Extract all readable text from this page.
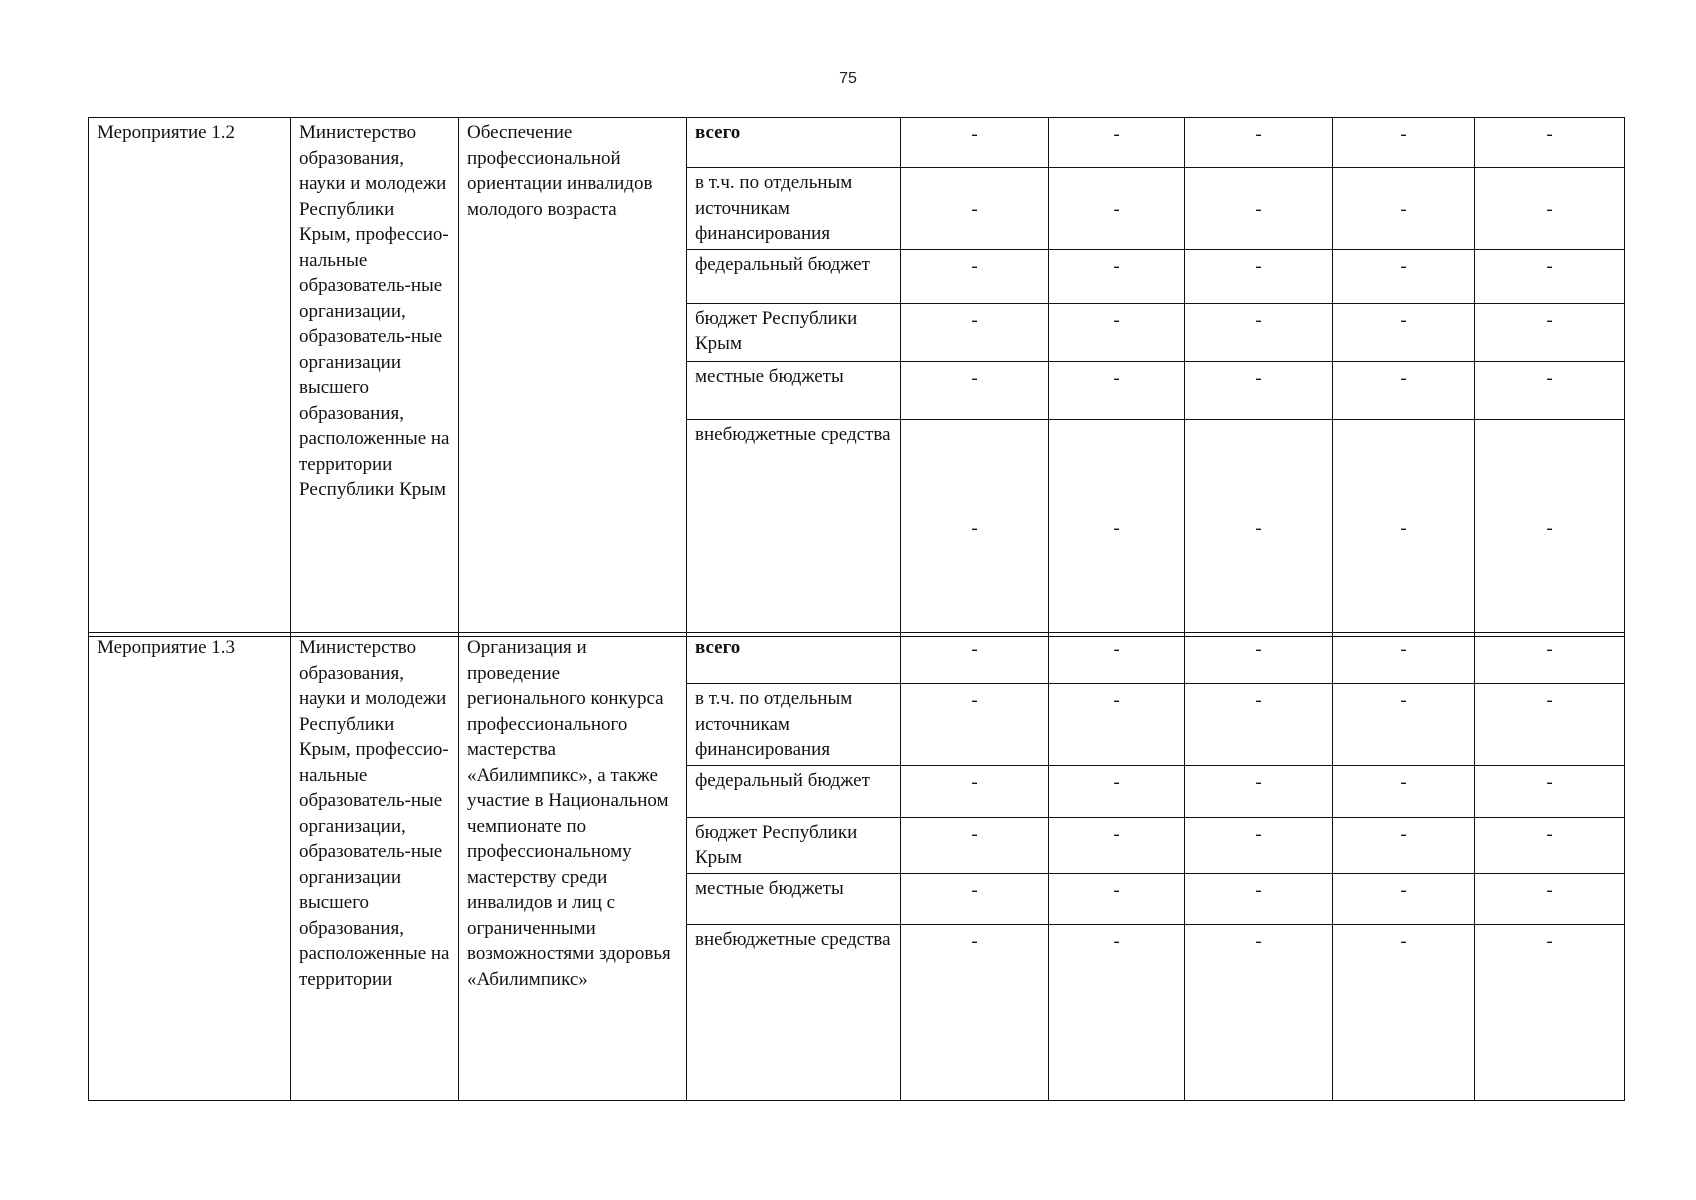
75
Мероприятие 1.2	Министерство образования, науки и молодежи Республики Крым, профессио-нальные образователь-ные организации, образователь-ные организации высшего образования, расположенные на территории Республики Крым	Обеспечение профессиональной ориентации инвалидов молодого возраста	всего	-	-	-	-	-
			в т.ч. по отдельным источникам финансирования	-	-	-	-	-
			федеральный бюджет	-	-	-	-	-
			бюджет Республики Крым	-	-	-	-	-
			местные бюджеты	-	-	-	-	-
			внебюджетные средства	-	-	-	-	-
Мероприятие 1.3	Министерство образования, науки и молодежи Республики Крым, профессио-нальные образователь-ные организации, образователь-ные организации высшего образования, расположенные на территории	Организация и проведение регионального конкурса профессионального мастерства «Абилимпикс», а также участие в Национальном чемпионате по профессиональному мастерству среди инвалидов и лиц с ограниченными возможностями здоровья «Абилимпикс»	всего	-	-	-	-	-
			в т.ч. по отдельным источникам финансирования	-	-	-	-	-
			федеральный бюджет	-	-	-	-	-
			бюджет Республики Крым	-	-	-	-	-
			местные бюджеты	-	-	-	-	-
			внебюджетные средства	-	-	-	-	-
